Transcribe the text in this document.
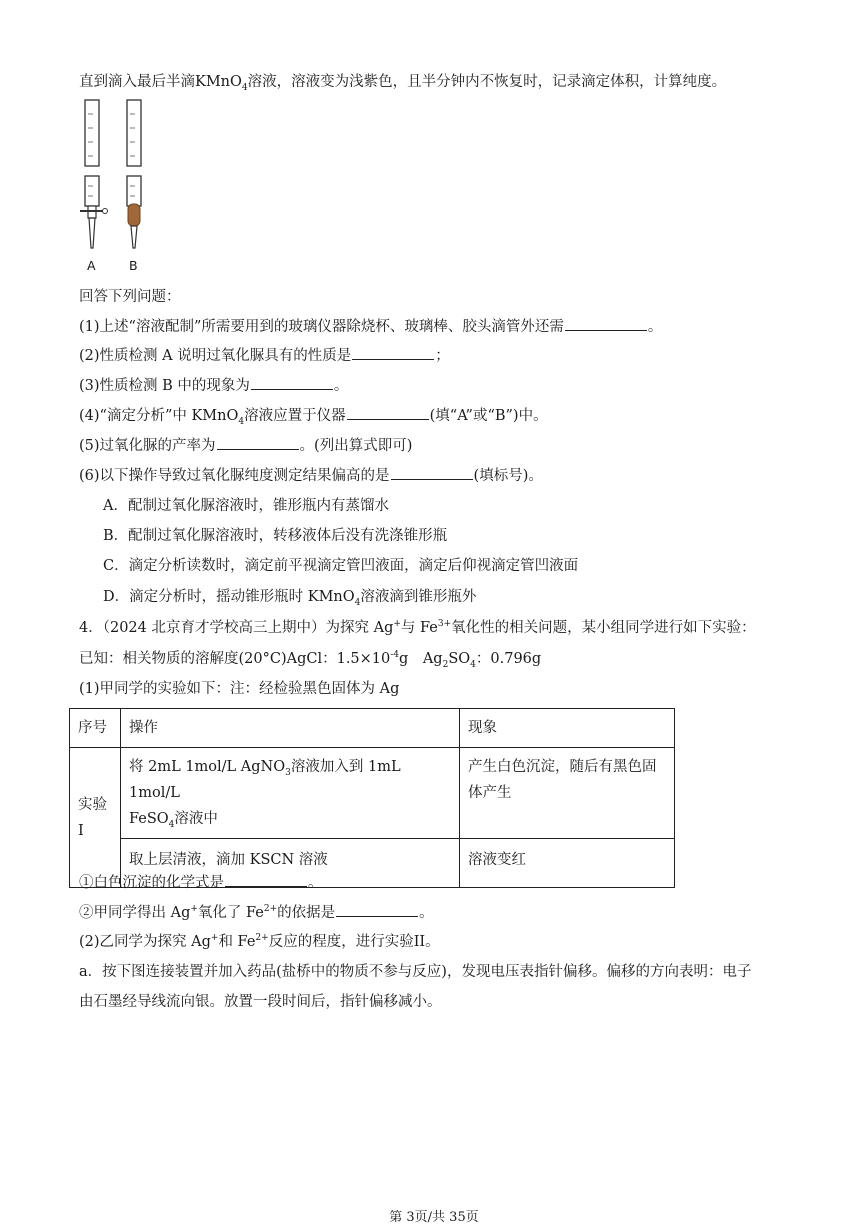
直到滴入最后半滴KMnO$_4$溶液，溶液变为浅紫色，且半分钟内不恢复时，记录滴定体积，计算纯度。
A	B
回答下列问题：
(1)上述“溶液配制”所需要用到的玻璃仪器除烧杯、玻璃棒、胶头滴管外还需	。
(2)性质检测 A 说明过氧化脲具有的性质是	；
(3)性质检测 B 中的现象为	。
(4)“滴定分析”中 KMnO$_4$溶液应置于仪器	(填“A”或“B”)中。
(5)过氧化脲的产率为	。(列出算式即可)
(6)以下操作导致过氧化脲纯度测定结果偏高的是	(填标号)。
A．配制过氧化脲溶液时，锥形瓶内有蒸馏水
B．配制过氧化脲溶液时，转移液体后没有洗涤锥形瓶
C．滴定分析读数时，滴定前平视滴定管凹液面，滴定后仰视滴定管凹液面
D．滴定分析时，摇动锥形瓶时 KMnO$_4$溶液滴到锥形瓶外
4．（2024 北京育才学校高三上期中）为探究 Ag+与 $Fe^{3+}$氧化性的相关问题，某小组同学进行如下实验：
已知：相关物质的溶解度(20°C)AgCl：$1.5\times 10^{-4}g$　$Ag_2SO_4$：0.796g
(1)甲同学的实验如下：注：经检验黑色固体为 Ag
序号	操作	现象
实验
I	将 2mL 1mol/L AgNO$_3$溶液加入到 1mL 1mol/L
FeSO$_4$溶液中	产生白色沉淀，随后有黑色固体产生
	取上层清液，滴加 KSCN 溶液	溶液变红
①白色沉淀的化学式是	。
②甲同学得出 Ag+氧化了 $Fe^{2+}$的依据是	。
(2)乙同学为探究 Ag+和 $Fe^{2+}$反应的程度，进行实验II。
a．按下图连接装置并加入药品(盐桥中的物质不参与反应)，发现电压表指针偏移。偏移的方向表明：电子
由石墨经导线流向银。放置一段时间后，指针偏移减小。
第 3页/共 35页
